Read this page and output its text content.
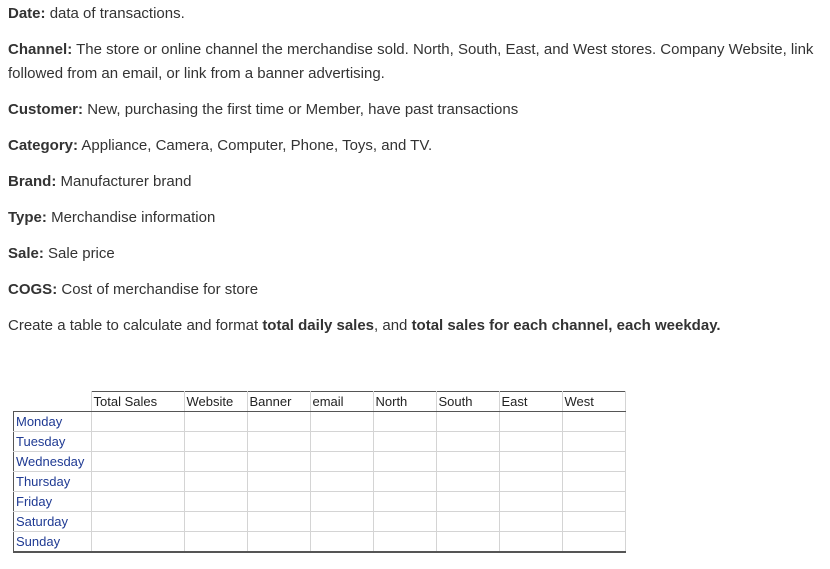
Date: data of transactions.
Channel: The store or online channel the merchandise sold. North, South, East, and West stores. Company Website, link followed from an email, or link from a banner advertising.
Customer: New, purchasing the first time or Member, have past transactions
Category: Appliance, Camera, Computer, Phone, Toys, and TV.
Brand: Manufacturer brand
Type: Merchandise information
Sale: Sale price
COGS: Cost of merchandise for store
Create a table to calculate and format total daily sales, and total sales for each channel, each weekday.
	Total Sales	Website	Banner	email	North	South	East	West
Monday								
Tuesday								
Wednesday								
Thursday								
Friday								
Saturday								
Sunday								
